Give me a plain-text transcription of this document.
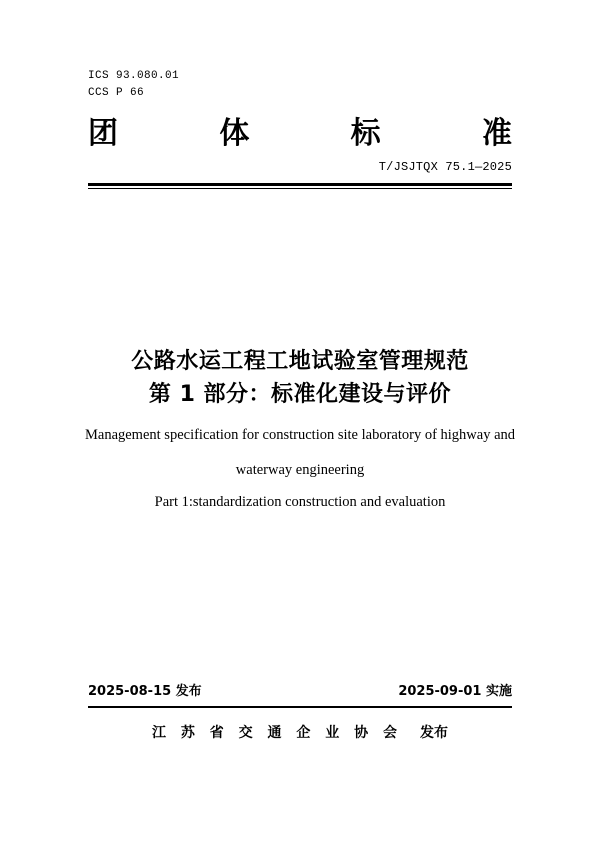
ICS 93.080.01
CCS P 66
团	体	标	准
T/JSJTQX 75.1—2025
公路水运工程工地试验室管理规范
第 1 部分：标准化建设与评价
Management specification for construction site laboratory of highway and
waterway engineering
Part 1:standardization construction and evaluation
2025-08-15 发布	2025-09-01 实施
江 苏 省 交 通 企 业 协 会 发布
